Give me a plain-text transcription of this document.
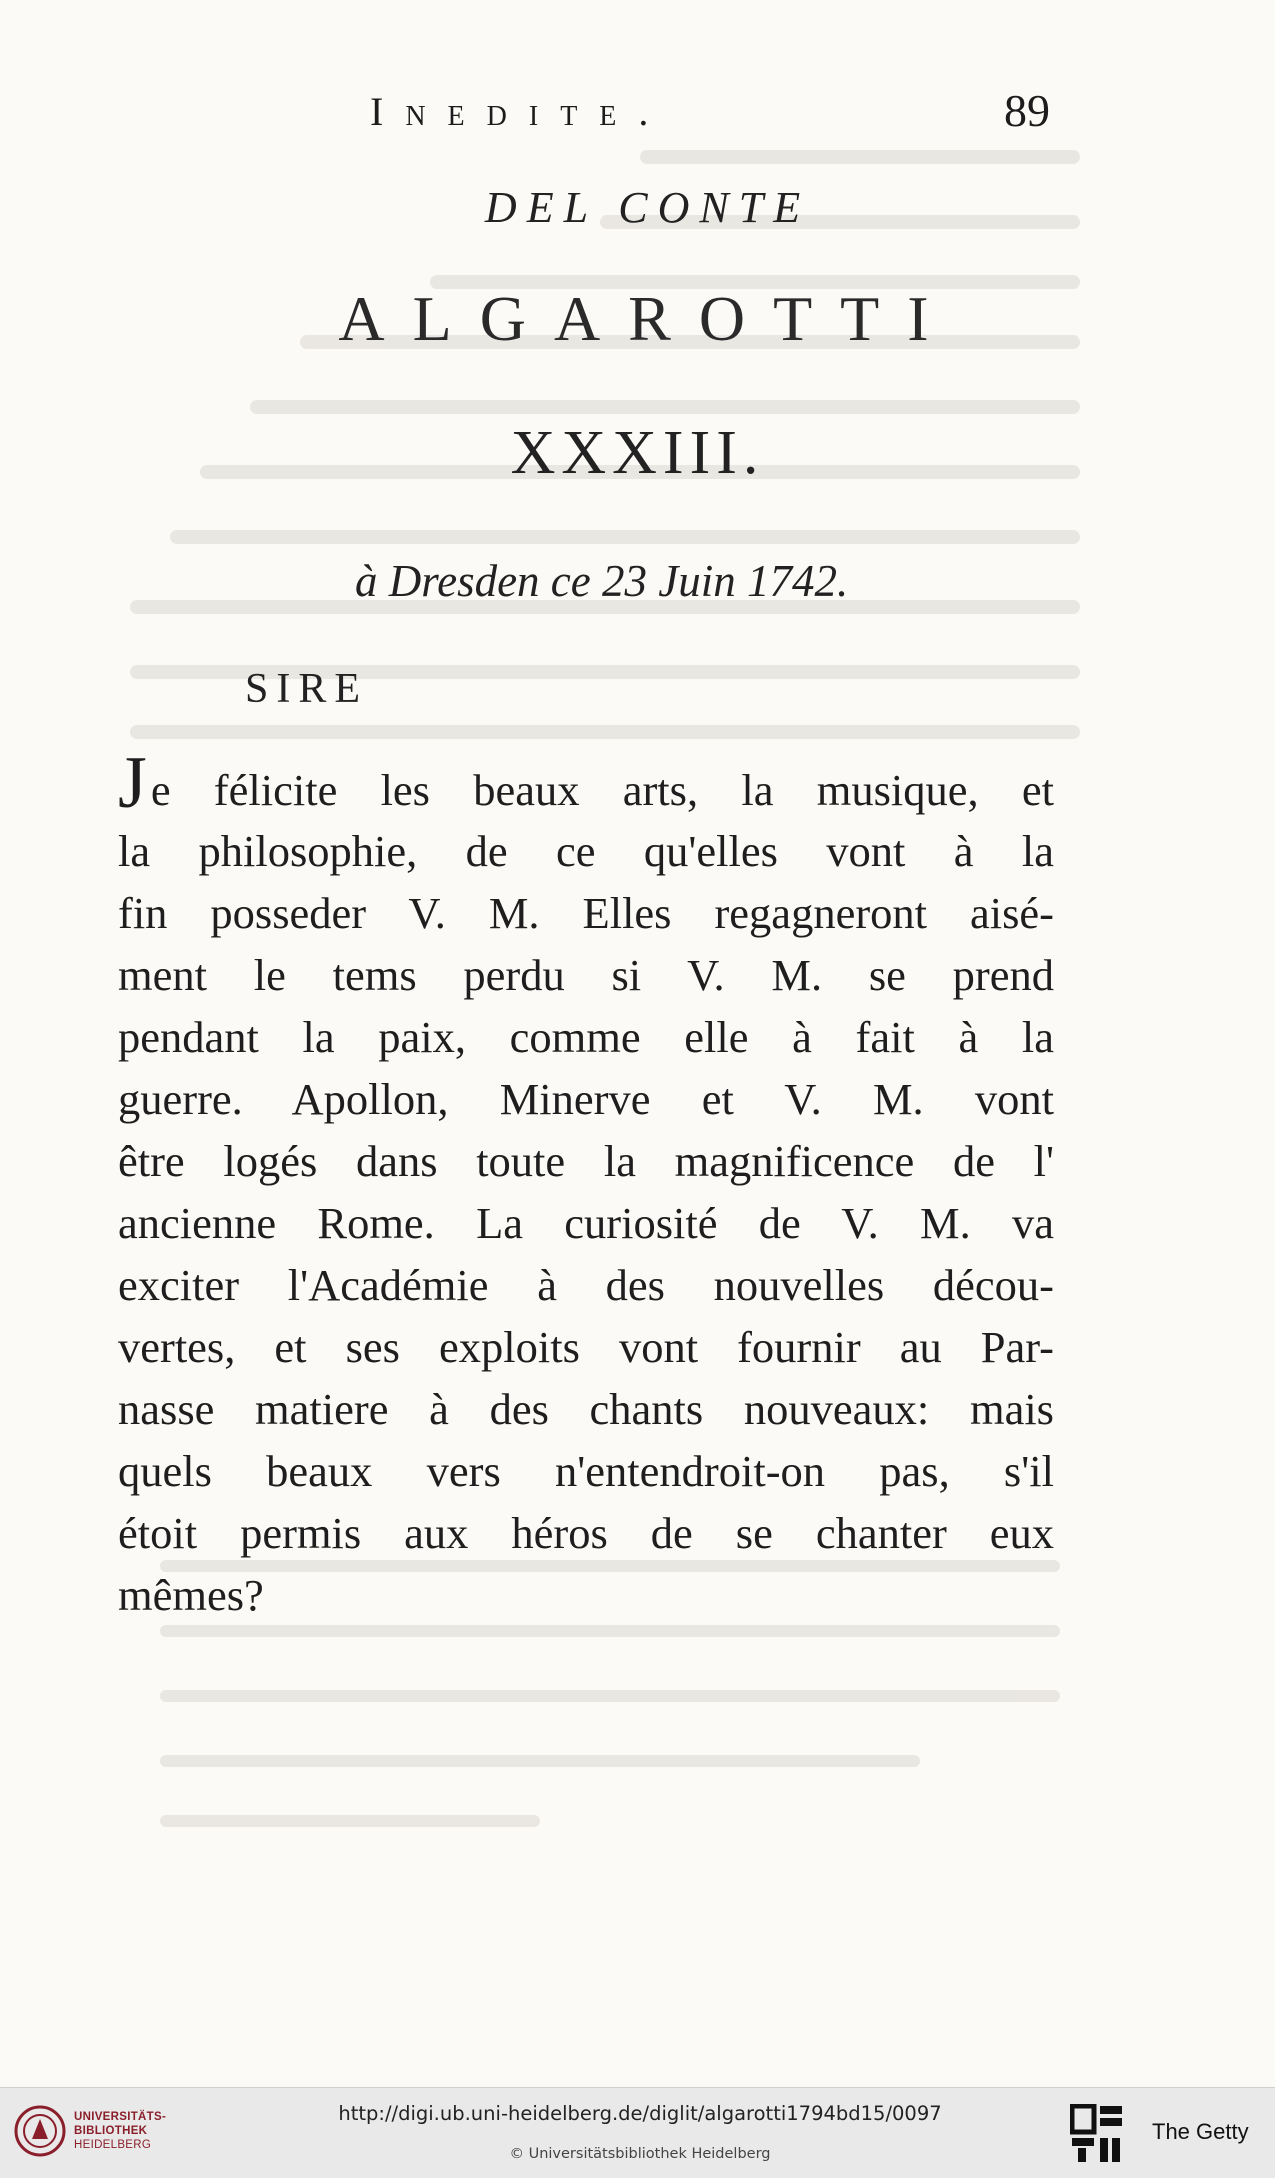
Inedite.	89
DEL CONTE
ALGAROTTI
XXXIII.
à Dresden ce 23 Juin 1742.
SIRE
Je félicite les beaux arts, la musique, et
la philosophie, de ce qu'elles vont à la
fin posseder V. M. Elles regagneront aisé-
ment le tems perdu si V. M. se prend
pendant la paix, comme elle à fait à la
guerre. Apollon, Minerve et V. M. vont
être logés dans toute la magnificence de l'
ancienne Rome. La curiosité de V. M. va
exciter l'Académie à des nouvelles décou-
vertes, et ses exploits vont fournir au Par-
nasse matiere à des chants nouveaux: mais
quels beaux vers n'entendroit-on pas, s'il
étoit permis aux héros de se chanter eux
mêmes?
UNIVERSITÄTS-
BIBLIOTHEK
HEIDELBERG
http://digi.ub.uni-heidelberg.de/diglit/algarotti1794bd15/0097
© Universitätsbibliothek Heidelberg
The Getty
